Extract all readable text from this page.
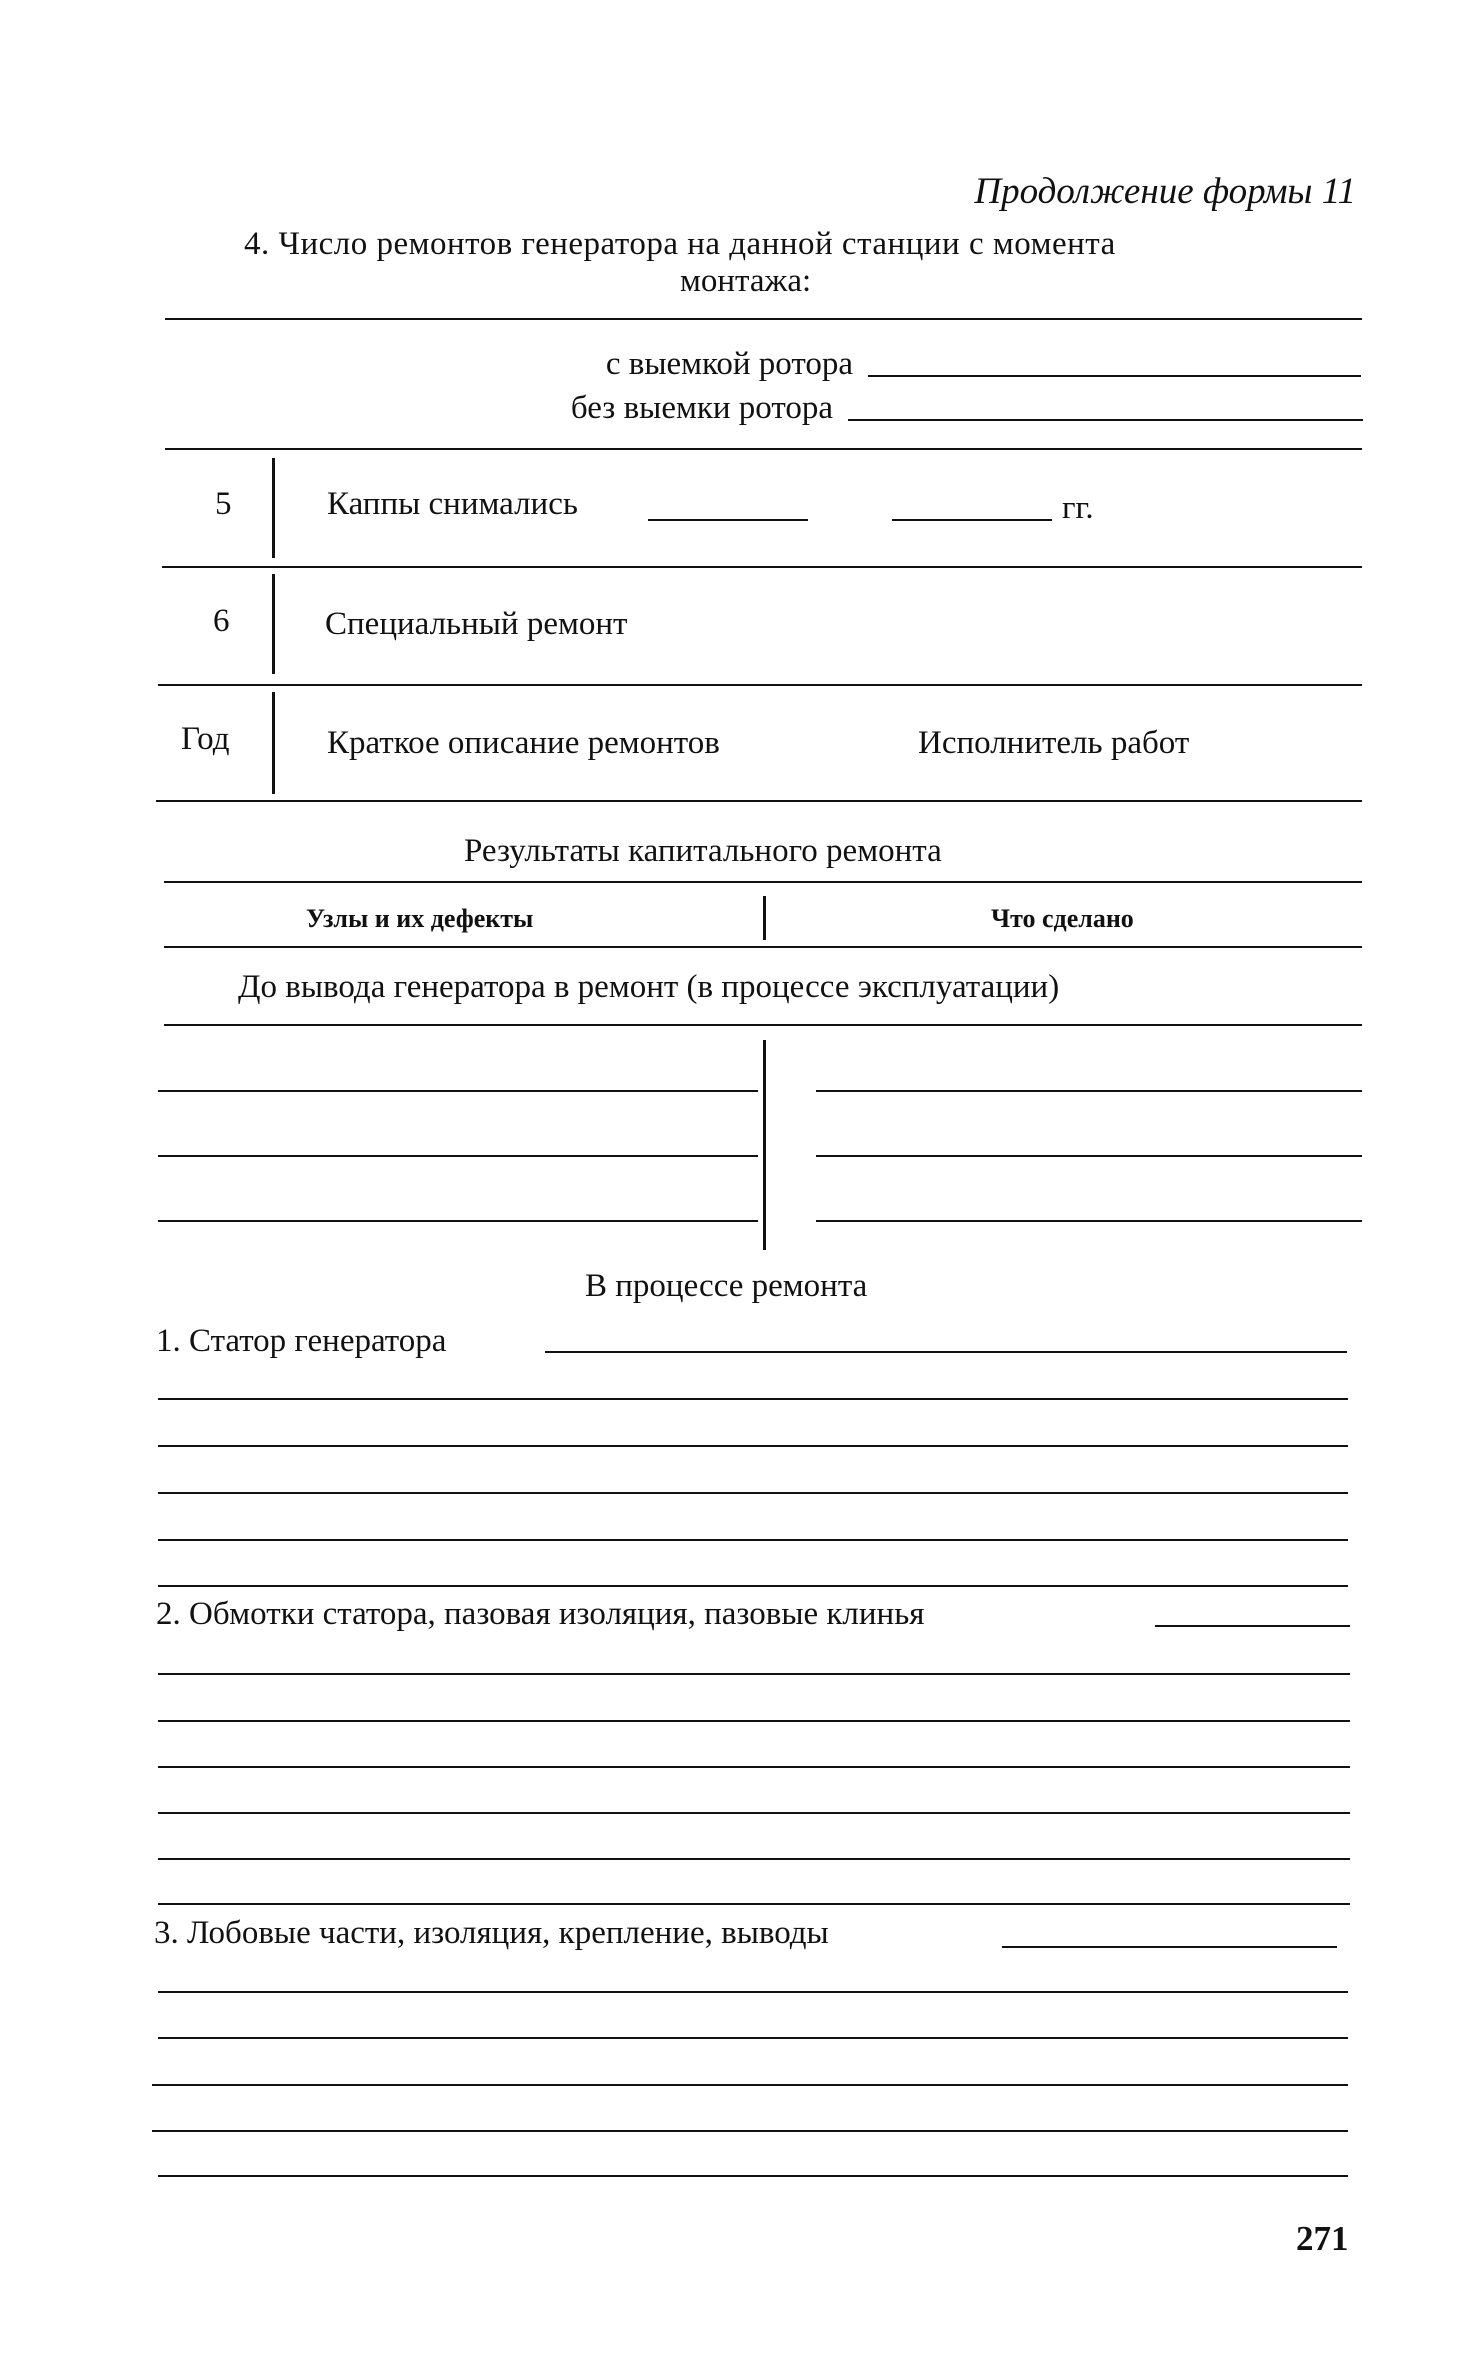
Продолжение формы 11
4. Число ремонтов генератора на данной станции с момента
монтажа:
с выемкой ротора
без выемки ротора
5	Каппы снимались	гг.
6	Специальный ремонт
Год	Краткое описание ремонтов	Исполнитель работ
Результаты капитального ремонта
Узлы и их дефекты	Что сделано
До вывода генератора в ремонт (в процессе эксплуатации)
В процессе ремонта
1. Статор генератора
2. Обмотки статора, пазовая изоляция, пазовые клинья
3. Лобовые части, изоляция, крепление, выводы
271
